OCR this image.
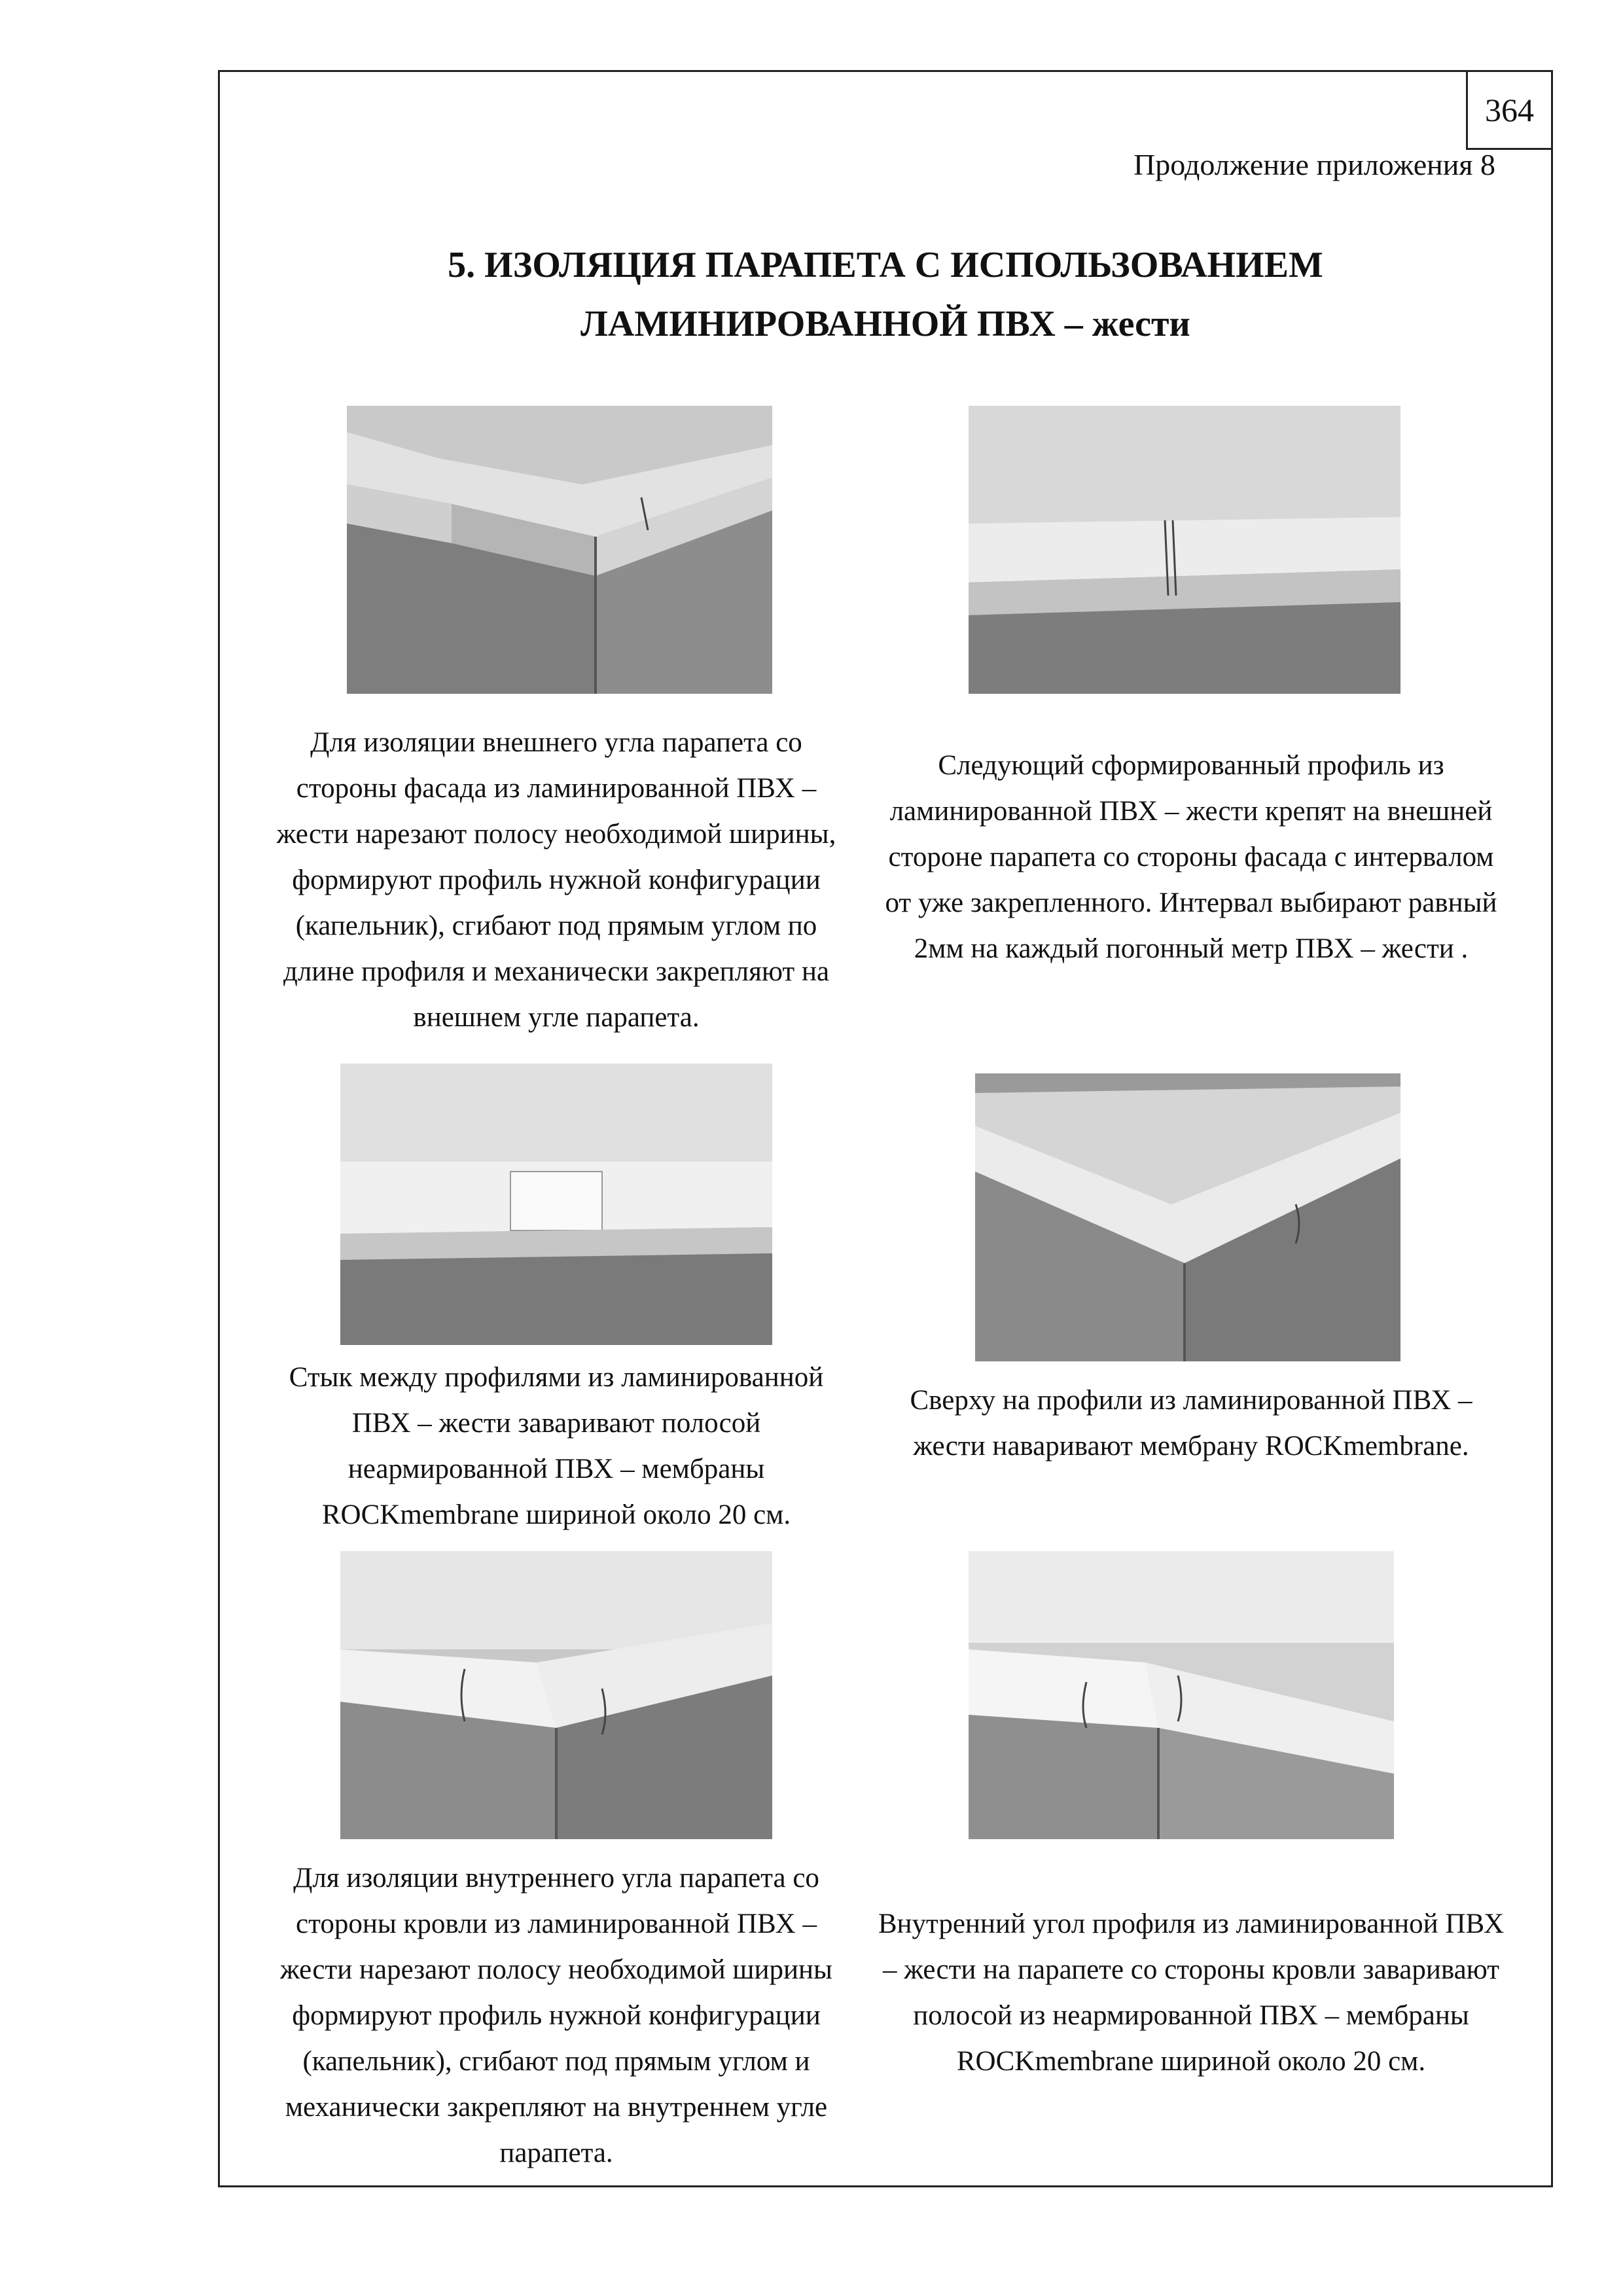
364
Продолжение приложения 8
5. ИЗОЛЯЦИЯ ПАРАПЕТА С ИСПОЛЬЗОВАНИЕМ
ЛАМИНИРОВАННОЙ ПВХ – жести
Для изоляции внешнего угла парапета со стороны фасада из ламинированной ПВХ – жести нарезают полосу необходимой ширины, формируют профиль нужной конфигурации (капельник), сгибают под прямым углом по длине профиля и механически закрепляют на внешнем угле парапета.
Следующий сформированный профиль из ламинированной ПВХ – жести крепят на внешней стороне парапета со стороны фасада с интервалом от уже закрепленного. Интервал выбирают равный 2мм на каждый погонный метр ПВХ – жести .
Стык между профилями из ламинированной ПВХ – жести заваривают полосой неармированной ПВХ – мембраны ROCKmembrane шириной около 20 см.
Сверху на профили из ламинированной ПВХ – жести наваривают мембрану ROCKmembrane.
Для изоляции внутреннего угла парапета со стороны кровли из ламинированной ПВХ – жести нарезают полосу необходимой ширины формируют профиль нужной конфигурации (капельник), сгибают под прямым углом и механически закрепляют на внутреннем угле парапета.
Внутренний угол профиля из ламинированной ПВХ – жести на парапете со стороны кровли заваривают полосой из неармированной ПВХ – мембраны ROCKmembrane шириной около 20 см.
